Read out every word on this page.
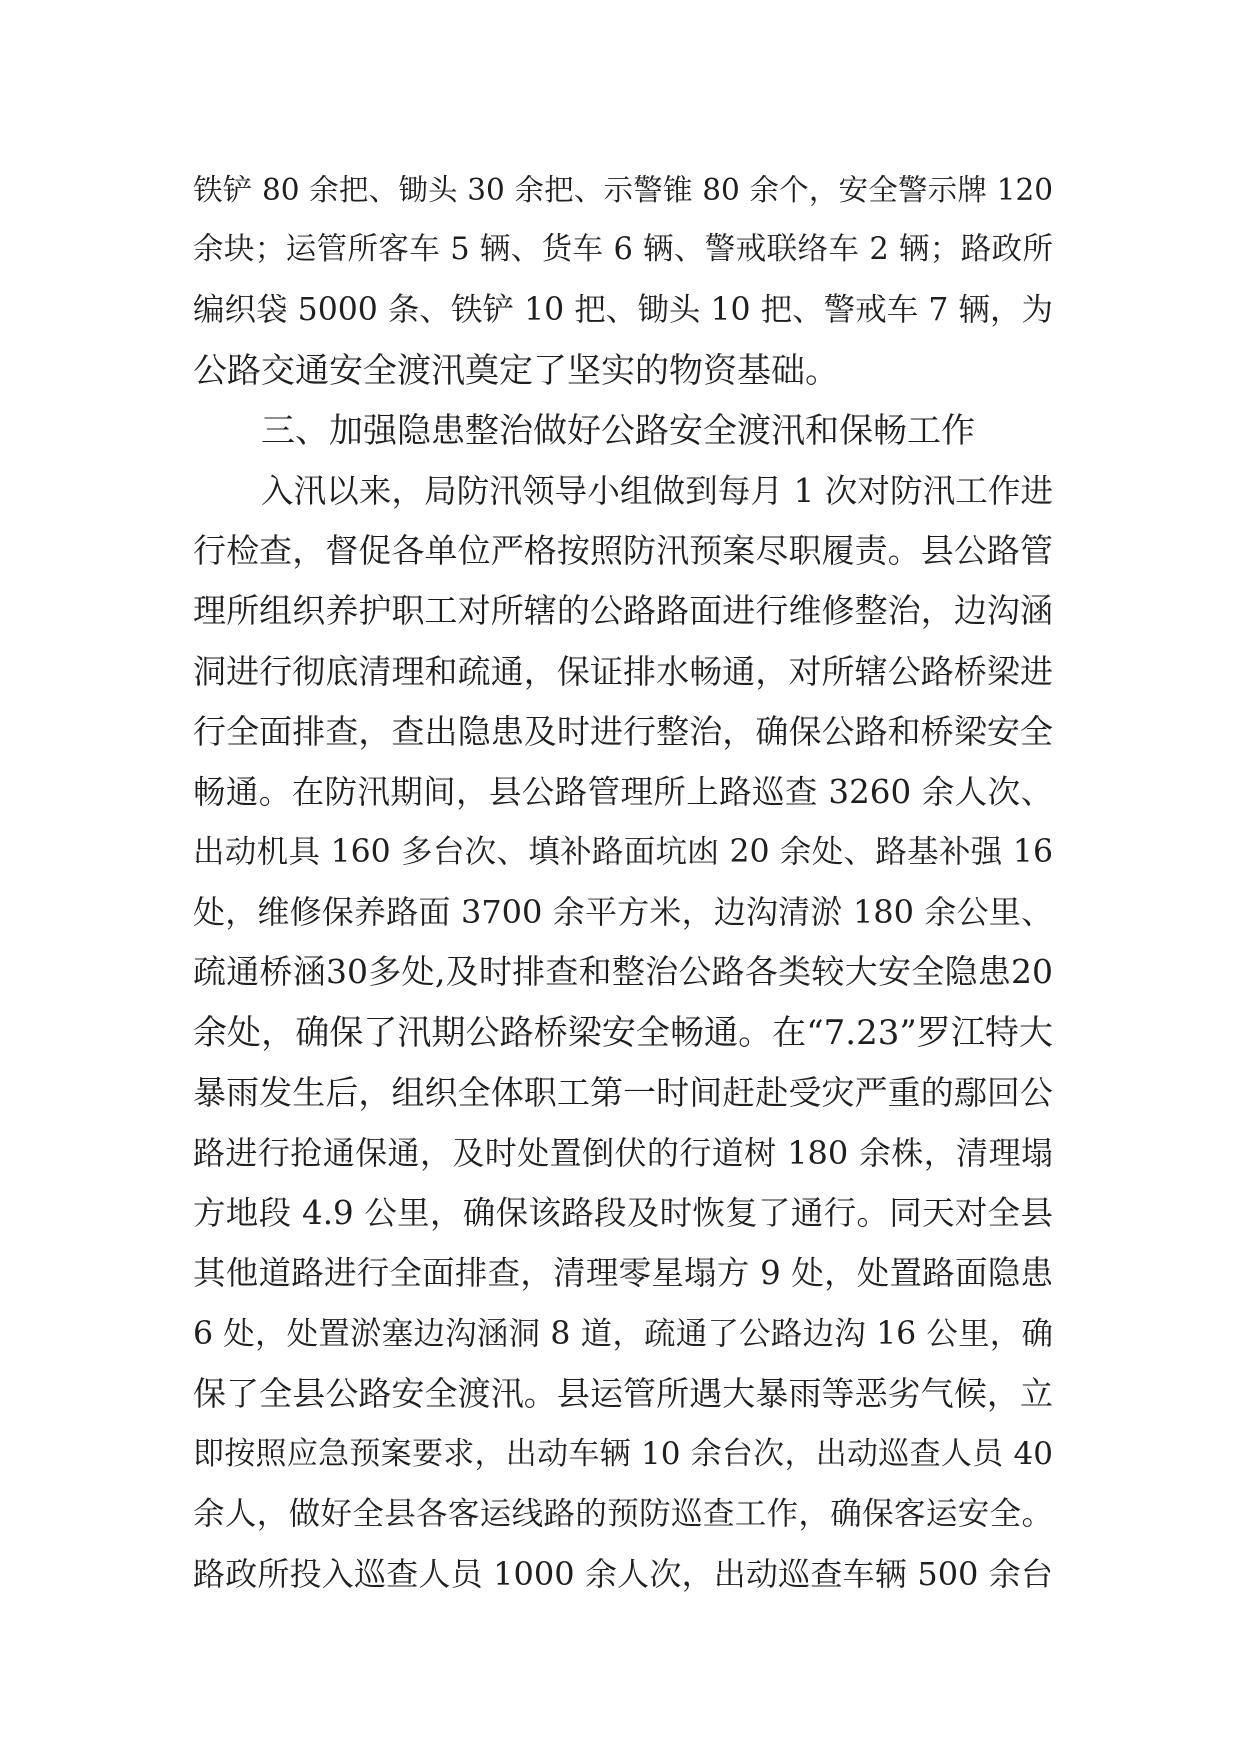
铁铲 80 余把、锄头 30 余把、示警锥 80 余个，安全警示牌 120
余块；运管所客车 5 辆、货车 6 辆、警戒联络车 2 辆；路政所
编织袋 5000 条、铁铲 10 把、锄头 10 把、警戒车 7 辆，为
公路交通安全渡汛奠定了坚实的物资基础。
三、加强隐患整治做好公路安全渡汛和保畅工作
入汛以来，局防汛领导小组做到每月 1 次对防汛工作进
行检查，督促各单位严格按照防汛预案尽职履责。县公路管
理所组织养护职工对所辖的公路路面进行维修整治，边沟涵
洞进行彻底清理和疏通，保证排水畅通，对所辖公路桥梁进
行全面排查，查出隐患及时进行整治，确保公路和桥梁安全
畅通。在防汛期间，县公路管理所上路巡查 3260 余人次、
出动机具 160 多台次、填补路面坑凼 20 余处、路基补强 16
处，维修保养路面 3700 余平方米，边沟清淤 180 余公里、
疏通桥涵30多处,及时排查和整治公路各类较大安全隐患20
余处，确保了汛期公路桥梁安全畅通。在“7.23”罗江特大
暴雨发生后，组织全体职工第一时间赶赴受灾严重的鄢回公
路进行抢通保通，及时处置倒伏的行道树 180 余株，清理塌
方地段 4.9 公里，确保该路段及时恢复了通行。同天对全县
其他道路进行全面排查，清理零星塌方 9 处，处置路面隐患
6 处，处置淤塞边沟涵洞 8 道，疏通了公路边沟 16 公里，确
保了全县公路安全渡汛。县运管所遇大暴雨等恶劣气候，立
即按照应急预案要求，出动车辆 10 余台次，出动巡查人员 40
余人，做好全县各客运线路的预防巡查工作，确保客运安全。
路政所投入巡查人员 1000 余人次，出动巡查车辆 500 余台
